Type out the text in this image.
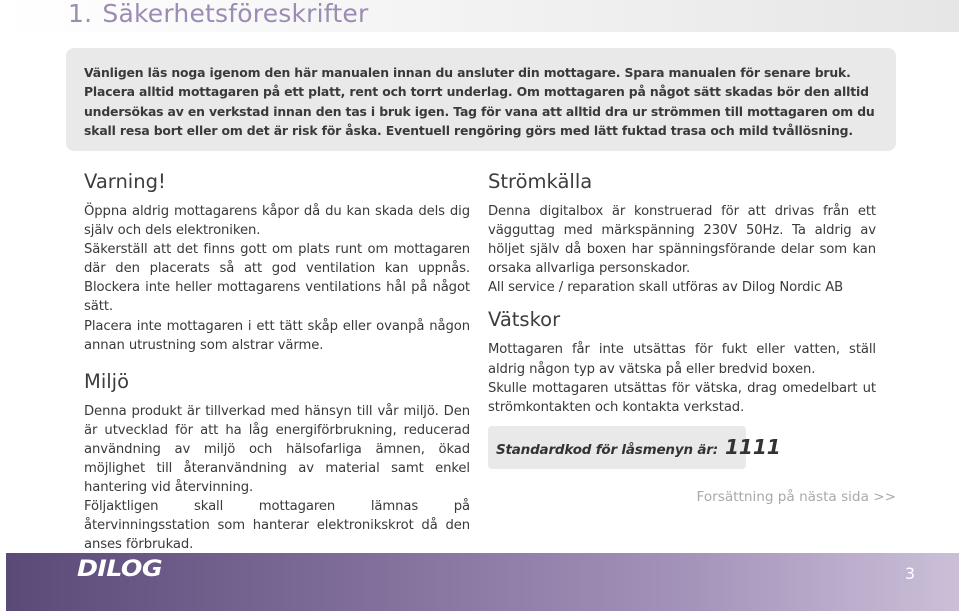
1. Säkerhetsföreskrifter

Vänligen läs noga igenom den här manualen innan du ansluter din mottagare. Spara manualen för senare bruk.

Placera alltid mottagaren på ett platt, rent och torrt underlag. Om mottagaren på något sätt skadas bör den alltid

undersökas av en verkstad innan den tas i bruk igen. Tag för vana att alltid dra ur strömmen till mottagaren om du

skall resa bort eller om det är risk för åska. Eventuell rengöring görs med lätt fuktad trasa och mild tvållösning.

Varning!

Öppna aldrig mottagarens kåpor då du kan skada dels dig själv och dels elektroniken.

Säkerställ att det finns gott om plats runt om mottagaren där den placerats så att god ventilation kan uppnås. Blockera inte heller mottagarens ventilations hål på något sätt.

Placera inte mottagaren i ett tätt skåp eller ovanpå någon annan utrustning som alstrar värme.

Miljö

Denna produkt är tillverkad med hänsyn till vår miljö. Den är utvecklad för att ha låg energiförbrukning, reducerad användning av miljö och hälsofarliga ämnen, ökad möjlighet till återanvändning av material samt enkel hantering vid återvinning.

Följaktligen skall mottagaren lämnas på återvinningsstation som hanterar elektronikskrot då den anses förbrukad.

Strömkälla

Denna digitalbox är konstruerad för att drivas från ett vägguttag med märkspänning 230V 50Hz. Ta aldrig av höljet själv då boxen har spänningsförande delar som kan orsaka allvarliga personskador.

All service / reparation skall utföras av Dilog Nordic AB

Vätskor

Mottagaren får inte utsättas för fukt eller vatten, ställ aldrig någon typ av vätska på eller bredvid boxen.

Skulle mottagaren utsättas för vätska, drag omedelbart ut strömkontakten och kontakta verkstad.

Standardkod för låsmenyn är: 1111
Forsättning på nästa sida >>
DILOG	3
